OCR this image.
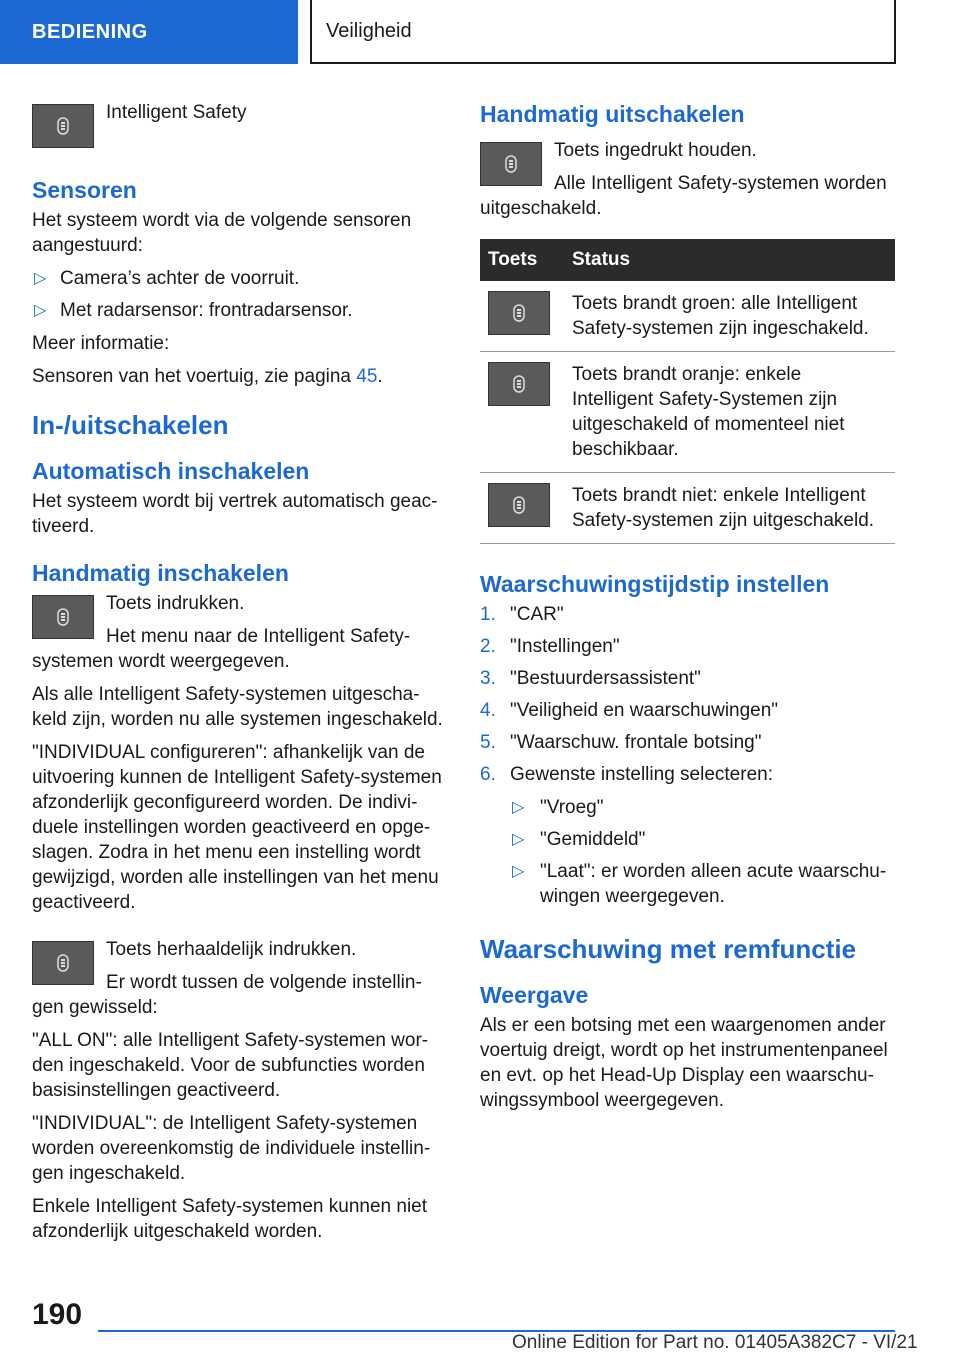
BEDIENING	Veiligheid

Intelligent Safety

Sensoren

Het systeem wordt via de volgende sensoren aangestuurd:

▷ Camera’s achter de voorruit.
▷ Met radarsensor: frontradarsensor.

Meer informatie:

Sensoren van het voertuig, zie pagina 45.

In-/uitschakelen
Automatisch inschakelen

Het systeem wordt bij vertrek automatisch geactiveerd.

Handmatig inschakelen

Toets indrukken.

Het menu naar de Intelligent Safety-systemen wordt weergegeven.

Als alle Intelligent Safety-systemen uitgeschakeld zijn, worden nu alle systemen ingeschakeld.

"INDIVIDUAL configureren": afhankelijk van de uitvoering kunnen de Intelligent Safety-systemen afzonderlijk geconfigureerd worden. De individuele instellingen worden geactiveerd en opgeslagen. Zodra in het menu een instelling wordt gewijzigd, worden alle instellingen van het menu geactiveerd.

Toets herhaaldelijk indrukken.

Er wordt tussen de volgende instellingen gewisseld:

"ALL ON": alle Intelligent Safety-systemen worden ingeschakeld. Voor de subfuncties worden basisinstellingen geactiveerd.

"INDIVIDUAL": de Intelligent Safety-systemen worden overeenkomstig de individuele instellingen ingeschakeld.

Enkele Intelligent Safety-systemen kunnen niet afzonderlijk uitgeschakeld worden.

Handmatig uitschakelen

Toets ingedrukt houden.

Alle Intelligent Safety-systemen worden uitgeschakeld.

Toets	Status

	Toets brandt groen: alle Intelligent Safety-systemen zijn ingeschakeld.

	Toets brandt oranje: enkele Intelligent Safety-Systemen zijn uitgeschakeld of momenteel niet beschikbaar.

	Toets brandt niet: enkele Intelligent Safety-systemen zijn uitgeschakeld.
Waarschuwingstijdstip instellen
1. "CAR"
2. "Instellingen"
3. "Bestuurdersassistent"
4. "Veiligheid en waarschuwingen"
5. "Waarschuw. frontale botsing"
6. Gewenste instelling selecteren:
▷ "Vroeg"
▷ "Gemiddeld"
▷ "Laat": er worden alleen acute waarschuwingen weergegeven.
Waarschuwing met remfunctie
Weergave

Als er een botsing met een waargenomen ander voertuig dreigt, wordt op het instrumentenpaneel en evt. op het Head-Up Display een waarschuwingssymbool weergegeven.

190
Online Edition for Part no. 01405A382C7 - VI/21
